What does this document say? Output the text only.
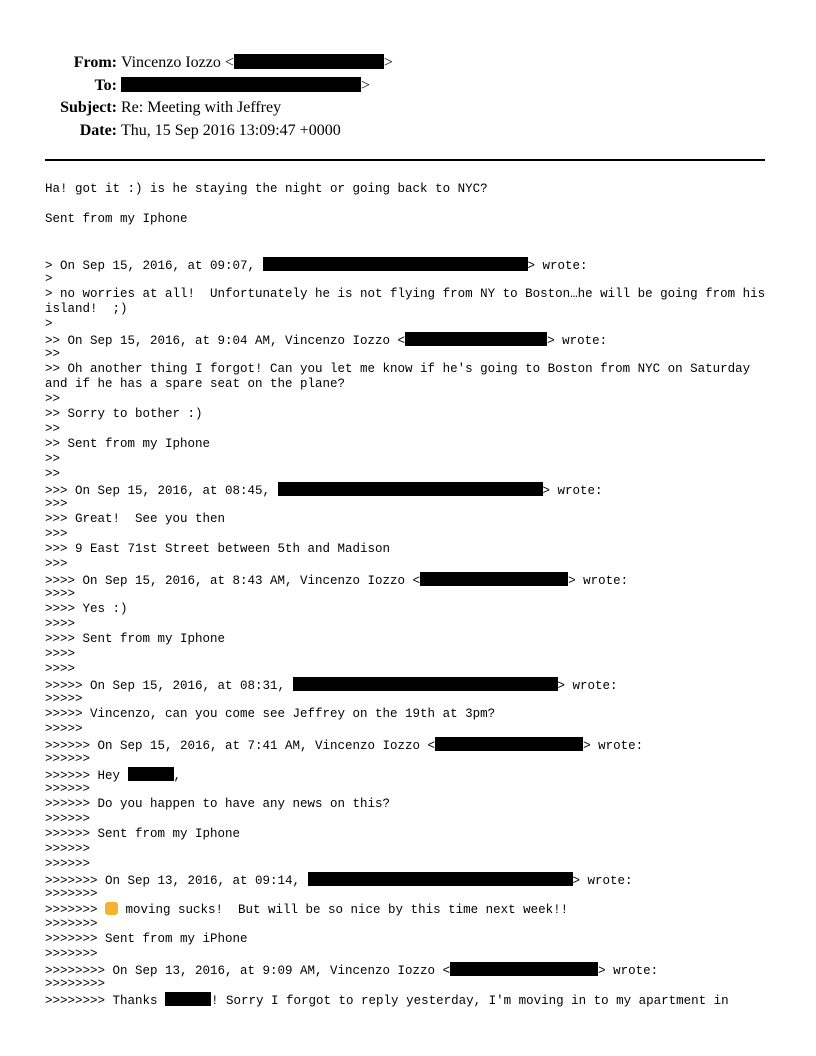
From: Vincenzo Iozzo <	>
To:	>
Subject: Re: Meeting with Jeffrey
Date: Thu, 15 Sep 2016 13:09:47 +0000
Ha! got it :) is he staying the night or going back to NYC?
Sent from my Iphone
> On Sep 15, 2016, at 09:07,	> wrote:
>
> no worries at all!  Unfortunately he is not flying from NY to Boston…he will be going from his island!  ;)
>
>> On Sep 15, 2016, at 9:04 AM, Vincenzo Iozzo <	> wrote:
>>
>> Oh another thing I forgot! Can you let me know if he's going to Boston from NYC on Saturday and if he has a spare seat on the plane?
>>
>> Sorry to bother :)
>>
>> Sent from my Iphone
>>
>>
>>> On Sep 15, 2016, at 08:45,	> wrote:
>>>
>>> Great!  See you then
>>>
>>> 9 East 71st Street between 5th and Madison
>>>
>>>> On Sep 15, 2016, at 8:43 AM, Vincenzo Iozzo <	> wrote:
>>>>
>>>> Yes :)
>>>>
>>>> Sent from my Iphone
>>>>
>>>>
>>>>> On Sep 15, 2016, at 08:31,	> wrote:
>>>>>
>>>>> Vincenzo, can you come see Jeffrey on the 19th at 3pm?
>>>>>
>>>>>> On Sep 15, 2016, at 7:41 AM, Vincenzo Iozzo <	> wrote:
>>>>>>
>>>>>> Hey	,
>>>>>>
>>>>>> Do you happen to have any news on this?
>>>>>>
>>>>>> Sent from my Iphone
>>>>>>
>>>>>>
>>>>>>> On Sep 13, 2016, at 09:14,	> wrote:
>>>>>>>
>>>>>>>  moving sucks!  But will be so nice by this time next week!!
>>>>>>>
>>>>>>> Sent from my iPhone
>>>>>>>
>>>>>>>> On Sep 13, 2016, at 9:09 AM, Vincenzo Iozzo <	> wrote:
>>>>>>>>
>>>>>>>> Thanks	! Sorry I forgot to reply yesterday, I'm moving in to my apartment in
